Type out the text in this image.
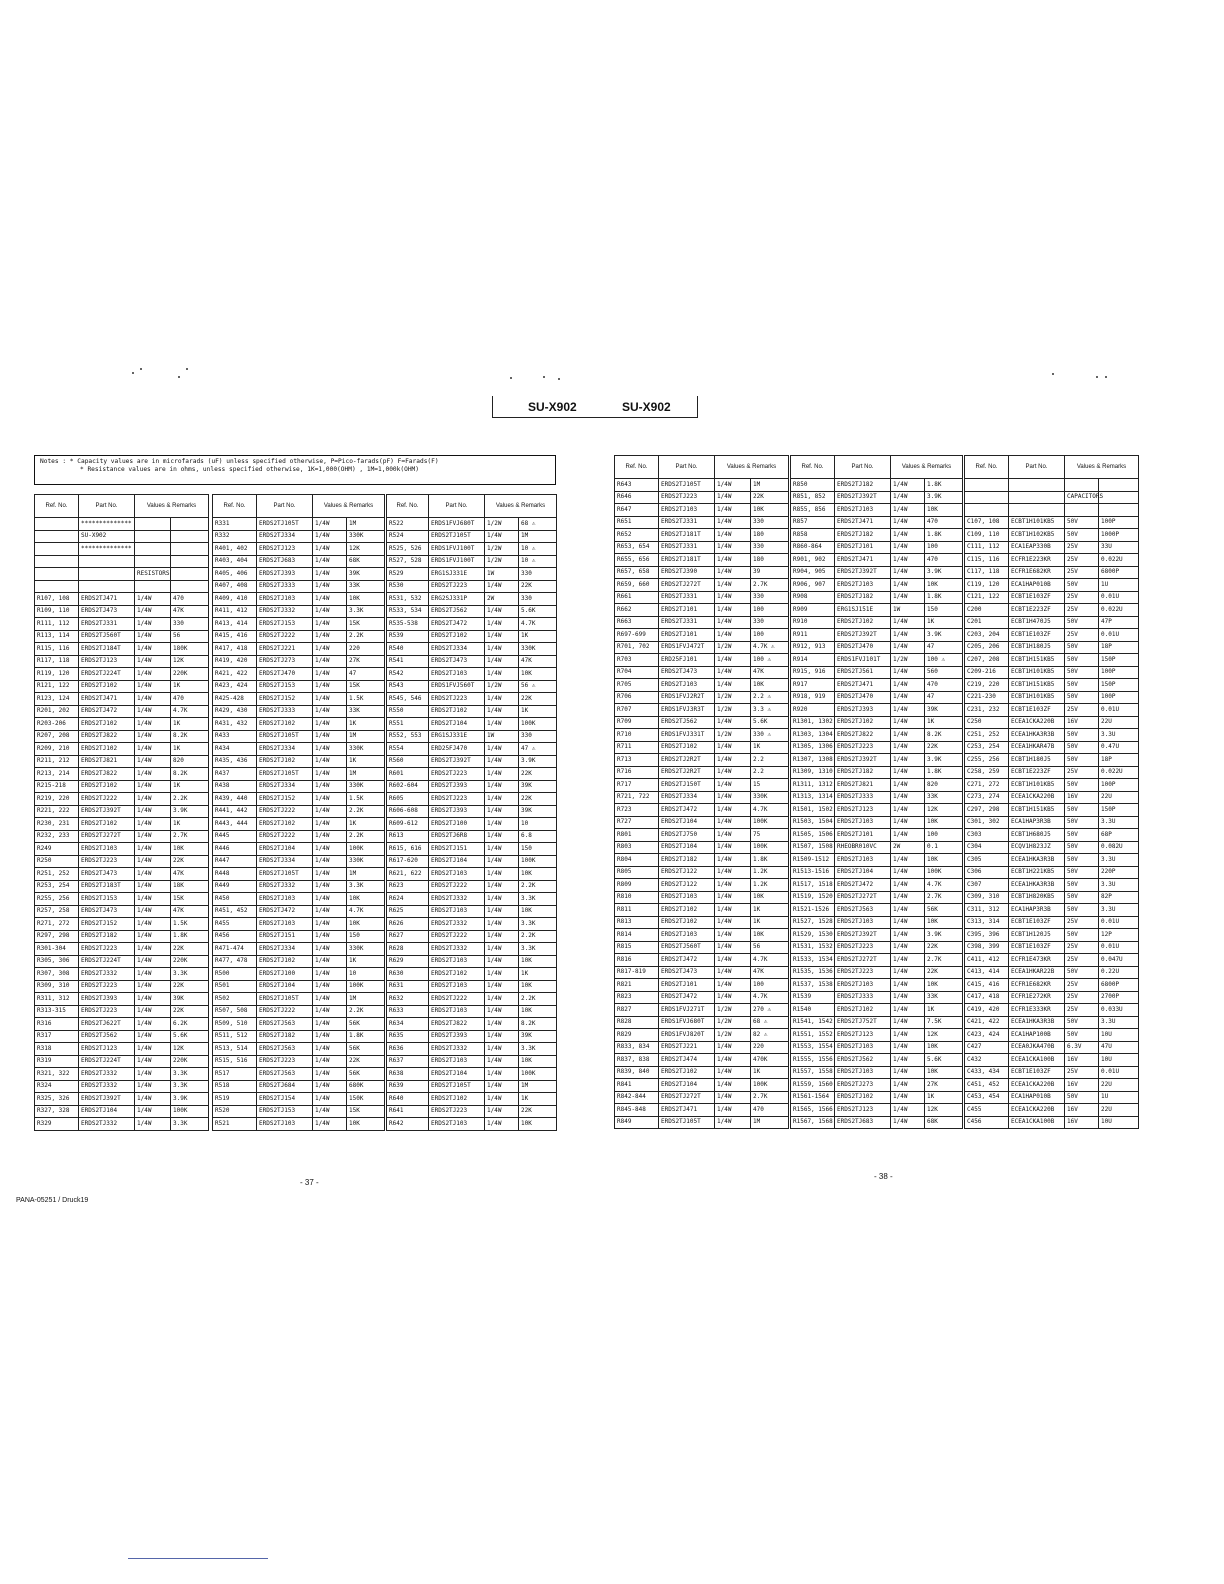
SU-X902	SU-X902
Notes : * Capacity values are in microfarads (uF) unless specified otherwise, P=Pico-farads(pF) F=Farads(F)
* Resistance values are in ohms, unless specified otherwise, 1K=1,000(OHM) , 1M=1,000k(OHM)
Ref. No.	Part No.	Values & Remarks	
	**************		
	SU-X902		
	**************		

		RESISTORS	

R107, 108	ERDS2TJ471	1/4W	470
R109, 110	ERDS2TJ473	1/4W	47K
R111, 112	ERDS2TJ331	1/4W	330
R113, 114	ERDS2TJ560T	1/4W	56
R115, 116	ERDS2TJ184T	1/4W	180K
R117, 118	ERDS2TJ123	1/4W	12K
R119, 120	ERDS2TJ224T	1/4W	220K
R121, 122	ERDS2TJ102	1/4W	1K
R123, 124	ERDS2TJ471	1/4W	470
R201, 202	ERDS2TJ472	1/4W	4.7K
R203-206	ERDS2TJ102	1/4W	1K
R207, 208	ERDS2TJ822	1/4W	8.2K
R209, 210	ERDS2TJ102	1/4W	1K
R211, 212	ERDS2TJ821	1/4W	820
R213, 214	ERDS2TJ822	1/4W	8.2K
R215-218	ERDS2TJ102	1/4W	1K
R219, 220	ERDS2TJ222	1/4W	2.2K
R221, 222	ERDS2TJ392T	1/4W	3.9K
R230, 231	ERDS2TJ102	1/4W	1K
R232, 233	ERDS2TJ272T	1/4W	2.7K
R249	ERDS2TJ103	1/4W	10K
R250	ERDS2TJ223	1/4W	22K
R251, 252	ERDS2TJ473	1/4W	47K
R253, 254	ERDS2TJ183T	1/4W	18K
R255, 256	ERDS2TJ153	1/4W	15K
R257, 258	ERDS2TJ473	1/4W	47K
R271, 272	ERDS2TJ152	1/4W	1.5K
R297, 298	ERDS2TJ182	1/4W	1.8K
R301-304	ERDS2TJ223	1/4W	22K
R305, 306	ERDS2TJ224T	1/4W	220K
R307, 308	ERDS2TJ332	1/4W	3.3K
R309, 310	ERDS2TJ223	1/4W	22K
R311, 312	ERDS2TJ393	1/4W	39K
R313-315	ERDS2TJ223	1/4W	22K
R316	ERDS2TJ622T	1/4W	6.2K
R317	ERDS2TJ562	1/4W	5.6K
R318	ERDS2TJ123	1/4W	12K
R319	ERDS2TJ224T	1/4W	220K
R321, 322	ERDS2TJ332	1/4W	3.3K
R324	ERDS2TJ332	1/4W	3.3K
R325, 326	ERDS2TJ392T	1/4W	3.9K
R327, 328	ERDS2TJ104	1/4W	100K
R329	ERDS2TJ332	1/4W	3.3K
Ref. No.	Part No.	Values & Remarks	
R331	ERDS2TJ105T	1/4W	1M
R332	ERDS2TJ334	1/4W	330K
R401, 402	ERDS2TJ123	1/4W	12K
R403, 404	ERDS2TJ683	1/4W	68K
R405, 406	ERDS2TJ393	1/4W	39K
R407, 408	ERDS2TJ333	1/4W	33K
R409, 410	ERDS2TJ103	1/4W	10K
R411, 412	ERDS2TJ332	1/4W	3.3K
R413, 414	ERDS2TJ153	1/4W	15K
R415, 416	ERDS2TJ222	1/4W	2.2K
R417, 418	ERDS2TJ221	1/4W	220
R419, 420	ERDS2TJ273	1/4W	27K
R421, 422	ERDS2TJ470	1/4W	47
R423, 424	ERDS2TJ153	1/4W	15K
R425-428	ERDS2TJ152	1/4W	1.5K
R429, 430	ERDS2TJ333	1/4W	33K
R431, 432	ERDS2TJ102	1/4W	1K
R433	ERDS2TJ105T	1/4W	1M
R434	ERDS2TJ334	1/4W	330K
R435, 436	ERDS2TJ102	1/4W	1K
R437	ERDS2TJ105T	1/4W	1M
R438	ERDS2TJ334	1/4W	330K
R439, 440	ERDS2TJ152	1/4W	1.5K
R441, 442	ERDS2TJ222	1/4W	2.2K
R443, 444	ERDS2TJ102	1/4W	1K
R445	ERDS2TJ222	1/4W	2.2K
R446	ERDS2TJ104	1/4W	100K
R447	ERDS2TJ334	1/4W	330K
R448	ERDS2TJ105T	1/4W	1M
R449	ERDS2TJ332	1/4W	3.3K
R450	ERDS2TJ103	1/4W	10K
R451, 452	ERDS2TJ472	1/4W	4.7K
R455	ERDS2TJ103	1/4W	10K
R456	ERDS2TJ151	1/4W	150
R471-474	ERDS2TJ334	1/4W	330K
R477, 478	ERDS2TJ102	1/4W	1K
R500	ERDS2TJ100	1/4W	10
R501	ERDS2TJ104	1/4W	100K
R502	ERDS2TJ105T	1/4W	1M
R507, 508	ERDS2TJ222	1/4W	2.2K
R509, 510	ERDS2TJ563	1/4W	56K
R511, 512	ERDS2TJ182	1/4W	1.8K
R513, 514	ERDS2TJ563	1/4W	56K
R515, 516	ERDS2TJ223	1/4W	22K
R517	ERDS2TJ563	1/4W	56K
R518	ERDS2TJ684	1/4W	680K
R519	ERDS2TJ154	1/4W	150K
R520	ERDS2TJ153	1/4W	15K
R521	ERDS2TJ103	1/4W	10K
Ref. No.	Part No.	Values & Remarks	
R522	ERDS1FVJ680T	1/2W	68 ⚠
R524	ERDS2TJ105T	1/4W	1M
R525, 526	ERDS1FVJ100T	1/2W	10 ⚠
R527, 528	ERDS1FVJ100T	1/2W	10 ⚠
R529	ERG1SJ331E	1W	330
R530	ERDS2TJ223	1/4W	22K
R531, 532	ERG2SJ331P	2W	330
R533, 534	ERDS2TJ562	1/4W	5.6K
R535-538	ERDS2TJ472	1/4W	4.7K
R539	ERDS2TJ102	1/4W	1K
R540	ERDS2TJ334	1/4W	330K
R541	ERDS2TJ473	1/4W	47K
R542	ERDS2TJ103	1/4W	10K
R543	ERDS1FVJ560T	1/2W	56 ⚠
R545, 546	ERDS2TJ223	1/4W	22K
R550	ERDS2TJ102	1/4W	1K
R551	ERDS2TJ104	1/4W	100K
R552, 553	ERG1SJ331E	1W	330
R554	ERD25FJ470	1/4W	47 ⚠
R560	ERDS2TJ392T	1/4W	3.9K
R601	ERDS2TJ223	1/4W	22K
R602-604	ERDS2TJ393	1/4W	39K
R605	ERDS2TJ223	1/4W	22K
R606-608	ERDS2TJ393	1/4W	39K
R609-612	ERDS2TJ100	1/4W	10
R613	ERDS2TJ6R8	1/4W	6.8
R615, 616	ERDS2TJ151	1/4W	150
R617-620	ERDS2TJ104	1/4W	100K
R621, 622	ERDS2TJ103	1/4W	10K
R623	ERDS2TJ222	1/4W	2.2K
R624	ERDS2TJ332	1/4W	3.3K
R625	ERDS2TJ103	1/4W	10K
R626	ERDS2TJ332	1/4W	3.3K
R627	ERDS2TJ222	1/4W	2.2K
R628	ERDS2TJ332	1/4W	3.3K
R629	ERDS2TJ103	1/4W	10K
R630	ERDS2TJ102	1/4W	1K
R631	ERDS2TJ103	1/4W	10K
R632	ERDS2TJ222	1/4W	2.2K
R633	ERDS2TJ103	1/4W	10K
R634	ERDS2TJ822	1/4W	8.2K
R635	ERDS2TJ393	1/4W	39K
R636	ERDS2TJ332	1/4W	3.3K
R637	ERDS2TJ103	1/4W	10K
R638	ERDS2TJ104	1/4W	100K
R639	ERDS2TJ105T	1/4W	1M
R640	ERDS2TJ102	1/4W	1K
R641	ERDS2TJ223	1/4W	22K
R642	ERDS2TJ103	1/4W	10K
Ref. No.	Part No.	Values & Remarks	
R643	ERDS2TJ105T	1/4W	1M
R646	ERDS2TJ223	1/4W	22K
R647	ERDS2TJ103	1/4W	10K
R651	ERDS2TJ331	1/4W	330
R652	ERDS2TJ181T	1/4W	180
R653, 654	ERDS2TJ331	1/4W	330
R655, 656	ERDS2TJ181T	1/4W	180
R657, 658	ERDS2TJ390	1/4W	39
R659, 660	ERDS2TJ272T	1/4W	2.7K
R661	ERDS2TJ331	1/4W	330
R662	ERDS2TJ101	1/4W	100
R663	ERDS2TJ331	1/4W	330
R697-699	ERDS2TJ101	1/4W	100
R701, 702	ERDS1FVJ472T	1/2W	4.7K ⚠
R703	ERD25FJ101	1/4W	100 ⚠
R704	ERDS2TJ473	1/4W	47K
R705	ERDS2TJ103	1/4W	10K
R706	ERDS1FVJ2R2T	1/2W	2.2 ⚠
R707	ERDS1FVJ3R3T	1/2W	3.3 ⚠
R709	ERDS2TJ562	1/4W	5.6K
R710	ERDS1FVJ331T	1/2W	330 ⚠
R711	ERDS2TJ102	1/4W	1K
R713	ERDS2TJ2R2T	1/4W	2.2
R716	ERDS2TJ2R2T	1/4W	2.2
R717	ERDS2TJ150T	1/4W	15
R721, 722	ERDS2TJ334	1/4W	330K
R723	ERDS2TJ472	1/4W	4.7K
R727	ERDS2TJ104	1/4W	100K
R801	ERDS2TJ750	1/4W	75
R803	ERDS2TJ104	1/4W	100K
R804	ERDS2TJ182	1/4W	1.8K
R805	ERDS2TJ122	1/4W	1.2K
R809	ERDS2TJ122	1/4W	1.2K
R810	ERDS2TJ103	1/4W	10K
R811	ERDS2TJ102	1/4W	1K
R813	ERDS2TJ102	1/4W	1K
R814	ERDS2TJ103	1/4W	10K
R815	ERDS2TJ560T	1/4W	56
R816	ERDS2TJ472	1/4W	4.7K
R817-819	ERDS2TJ473	1/4W	47K
R821	ERDS2TJ101	1/4W	100
R823	ERDS2TJ472	1/4W	4.7K
R827	ERDS1FVJ271T	1/2W	270 ⚠
R828	ERDS1FVJ680T	1/2W	68 ⚠
R829	ERDS1FVJ820T	1/2W	82 ⚠
R833, 834	ERDS2TJ221	1/4W	220
R837, 838	ERDS2TJ474	1/4W	470K
R839, 840	ERDS2TJ102	1/4W	1K
R841	ERDS2TJ104	1/4W	100K
R842-844	ERDS2TJ272T	1/4W	2.7K
R845-848	ERDS2TJ471	1/4W	470
R849	ERDS2TJ105T	1/4W	1M
Ref. No.	Part No.	Values & Remarks	
R850	ERDS2TJ182	1/4W	1.8K
R851, 852	ERDS2TJ392T	1/4W	3.9K
R855, 856	ERDS2TJ103	1/4W	10K
R857	ERDS2TJ471	1/4W	470
R858	ERDS2TJ182	1/4W	1.8K
R860-864	ERDS2TJ101	1/4W	100
R901, 902	ERDS2TJ471	1/4W	470
R904, 905	ERDS2TJ392T	1/4W	3.9K
R906, 907	ERDS2TJ103	1/4W	10K
R908	ERDS2TJ182	1/4W	1.8K
R909	ERG1SJ151E	1W	150
R910	ERDS2TJ102	1/4W	1K
R911	ERDS2TJ392T	1/4W	3.9K
R912, 913	ERDS2TJ470	1/4W	47
R914	ERDS1FVJ101T	1/2W	100 ⚠
R915, 916	ERDS2TJ561	1/4W	560
R917	ERDS2TJ471	1/4W	470
R918, 919	ERDS2TJ470	1/4W	47
R920	ERDS2TJ393	1/4W	39K
R1301, 1302	ERDS2TJ102	1/4W	1K
R1303, 1304	ERDS2TJ822	1/4W	8.2K
R1305, 1306	ERDS2TJ223	1/4W	22K
R1307, 1308	ERDS2TJ392T	1/4W	3.9K
R1309, 1310	ERDS2TJ182	1/4W	1.8K
R1311, 1312	ERDS2TJ821	1/4W	820
R1313, 1314	ERDS2TJ333	1/4W	33K
R1501, 1502	ERDS2TJ123	1/4W	12K
R1503, 1504	ERDS2TJ103	1/4W	10K
R1505, 1506	ERDS2TJ101	1/4W	100
R1507, 1508	RHEOBR010VC	2W	0.1
R1509-1512	ERDS2TJ103	1/4W	10K
R1513-1516	ERDS2TJ104	1/4W	100K
R1517, 1518	ERDS2TJ472	1/4W	4.7K
R1519, 1520	ERDS2TJ272T	1/4W	2.7K
R1521-1526	ERDS2TJ563	1/4W	56K
R1527, 1528	ERDS2TJ103	1/4W	10K
R1529, 1530	ERDS2TJ392T	1/4W	3.9K
R1531, 1532	ERDS2TJ223	1/4W	22K
R1533, 1534	ERDS2TJ272T	1/4W	2.7K
R1535, 1536	ERDS2TJ223	1/4W	22K
R1537, 1538	ERDS2TJ103	1/4W	10K
R1539	ERDS2TJ333	1/4W	33K
R1540	ERDS2TJ102	1/4W	1K
R1541, 1542	ERDS2TJ752T	1/4W	7.5K
R1551, 1552	ERDS2TJ123	1/4W	12K
R1553, 1554	ERDS2TJ103	1/4W	10K
R1555, 1556	ERDS2TJ562	1/4W	5.6K
R1557, 1558	ERDS2TJ103	1/4W	10K
R1559, 1560	ERDS2TJ273	1/4W	27K
R1561-1564	ERDS2TJ102	1/4W	1K
R1565, 1566	ERDS2TJ123	1/4W	12K
R1567, 1568	ERDS2TJ683	1/4W	68K
Ref. No.	Part No.	Values & Remarks	

		CAPACITORS	

C107, 108	ECBT1H101KB5	50V	100P
C109, 110	ECBT1H102KB5	50V	1000P
C111, 112	ECA1EAP330B	25V	33U
C115, 116	ECFR1E223KR	25V	0.022U
C117, 118	ECFR1E682KR	25V	6800P
C119, 120	ECA1HAP010B	50V	1U
C121, 122	ECBT1E103ZF	25V	0.01U
C200	ECBT1E223ZF	25V	0.022U
C201	ECBT1H470J5	50V	47P
C203, 204	ECBT1E103ZF	25V	0.01U
C205, 206	ECBT1H180J5	50V	18P
C207, 208	ECBT1H151KB5	50V	150P
C209-216	ECBT1H101KB5	50V	100P
C219, 220	ECBT1H151KB5	50V	150P
C221-230	ECBT1H101KB5	50V	100P
C231, 232	ECBT1E103ZF	25V	0.01U
C250	ECEA1CKA220B	16V	22U
C251, 252	ECEA1HKA3R3B	50V	3.3U
C253, 254	ECEA1HKAR47B	50V	0.47U
C255, 256	ECBT1H180J5	50V	18P
C258, 259	ECBT1E223ZF	25V	0.022U
C271, 272	ECBT1H101KB5	50V	100P
C273, 274	ECEA1CKA220B	16V	22U
C297, 298	ECBT1H151KB5	50V	150P
C301, 302	ECA1HAP3R3B	50V	3.3U
C303	ECBT1H680J5	50V	68P
C304	ECQV1H823JZ	50V	0.082U
C305	ECEA1HKA3R3B	50V	3.3U
C306	ECBT1H221KB5	50V	220P
C307	ECEA1HKA3R3B	50V	3.3U
C309, 310	ECBT1H820KB5	50V	82P
C311, 312	ECA1HAP3R3B	50V	3.3U
C313, 314	ECBT1E103ZF	25V	0.01U
C395, 396	ECBT1H120J5	50V	12P
C398, 399	ECBT1E103ZF	25V	0.01U
C411, 412	ECFR1E473KR	25V	0.047U
C413, 414	ECEA1HKAR22B	50V	0.22U
C415, 416	ECFR1E682KR	25V	6800P
C417, 418	ECFR1E272KR	25V	2700P
C419, 420	ECFR1E333KR	25V	0.033U
C421, 422	ECEA1HKA3R3B	50V	3.3U
C423, 424	ECA1HAP100B	50V	10U
C427	ECEA0JKA470B	6.3V	47U
C432	ECEA1CKA100B	16V	10U
C433, 434	ECBT1E103ZF	25V	0.01U
C451, 452	ECEA1CKA220B	16V	22U
C453, 454	ECA1HAP010B	50V	1U
C455	ECEA1CKA220B	16V	22U
C456	ECEA1CKA100B	16V	10U
- 37 -
- 38 -
PANA-05251 / Druck19
